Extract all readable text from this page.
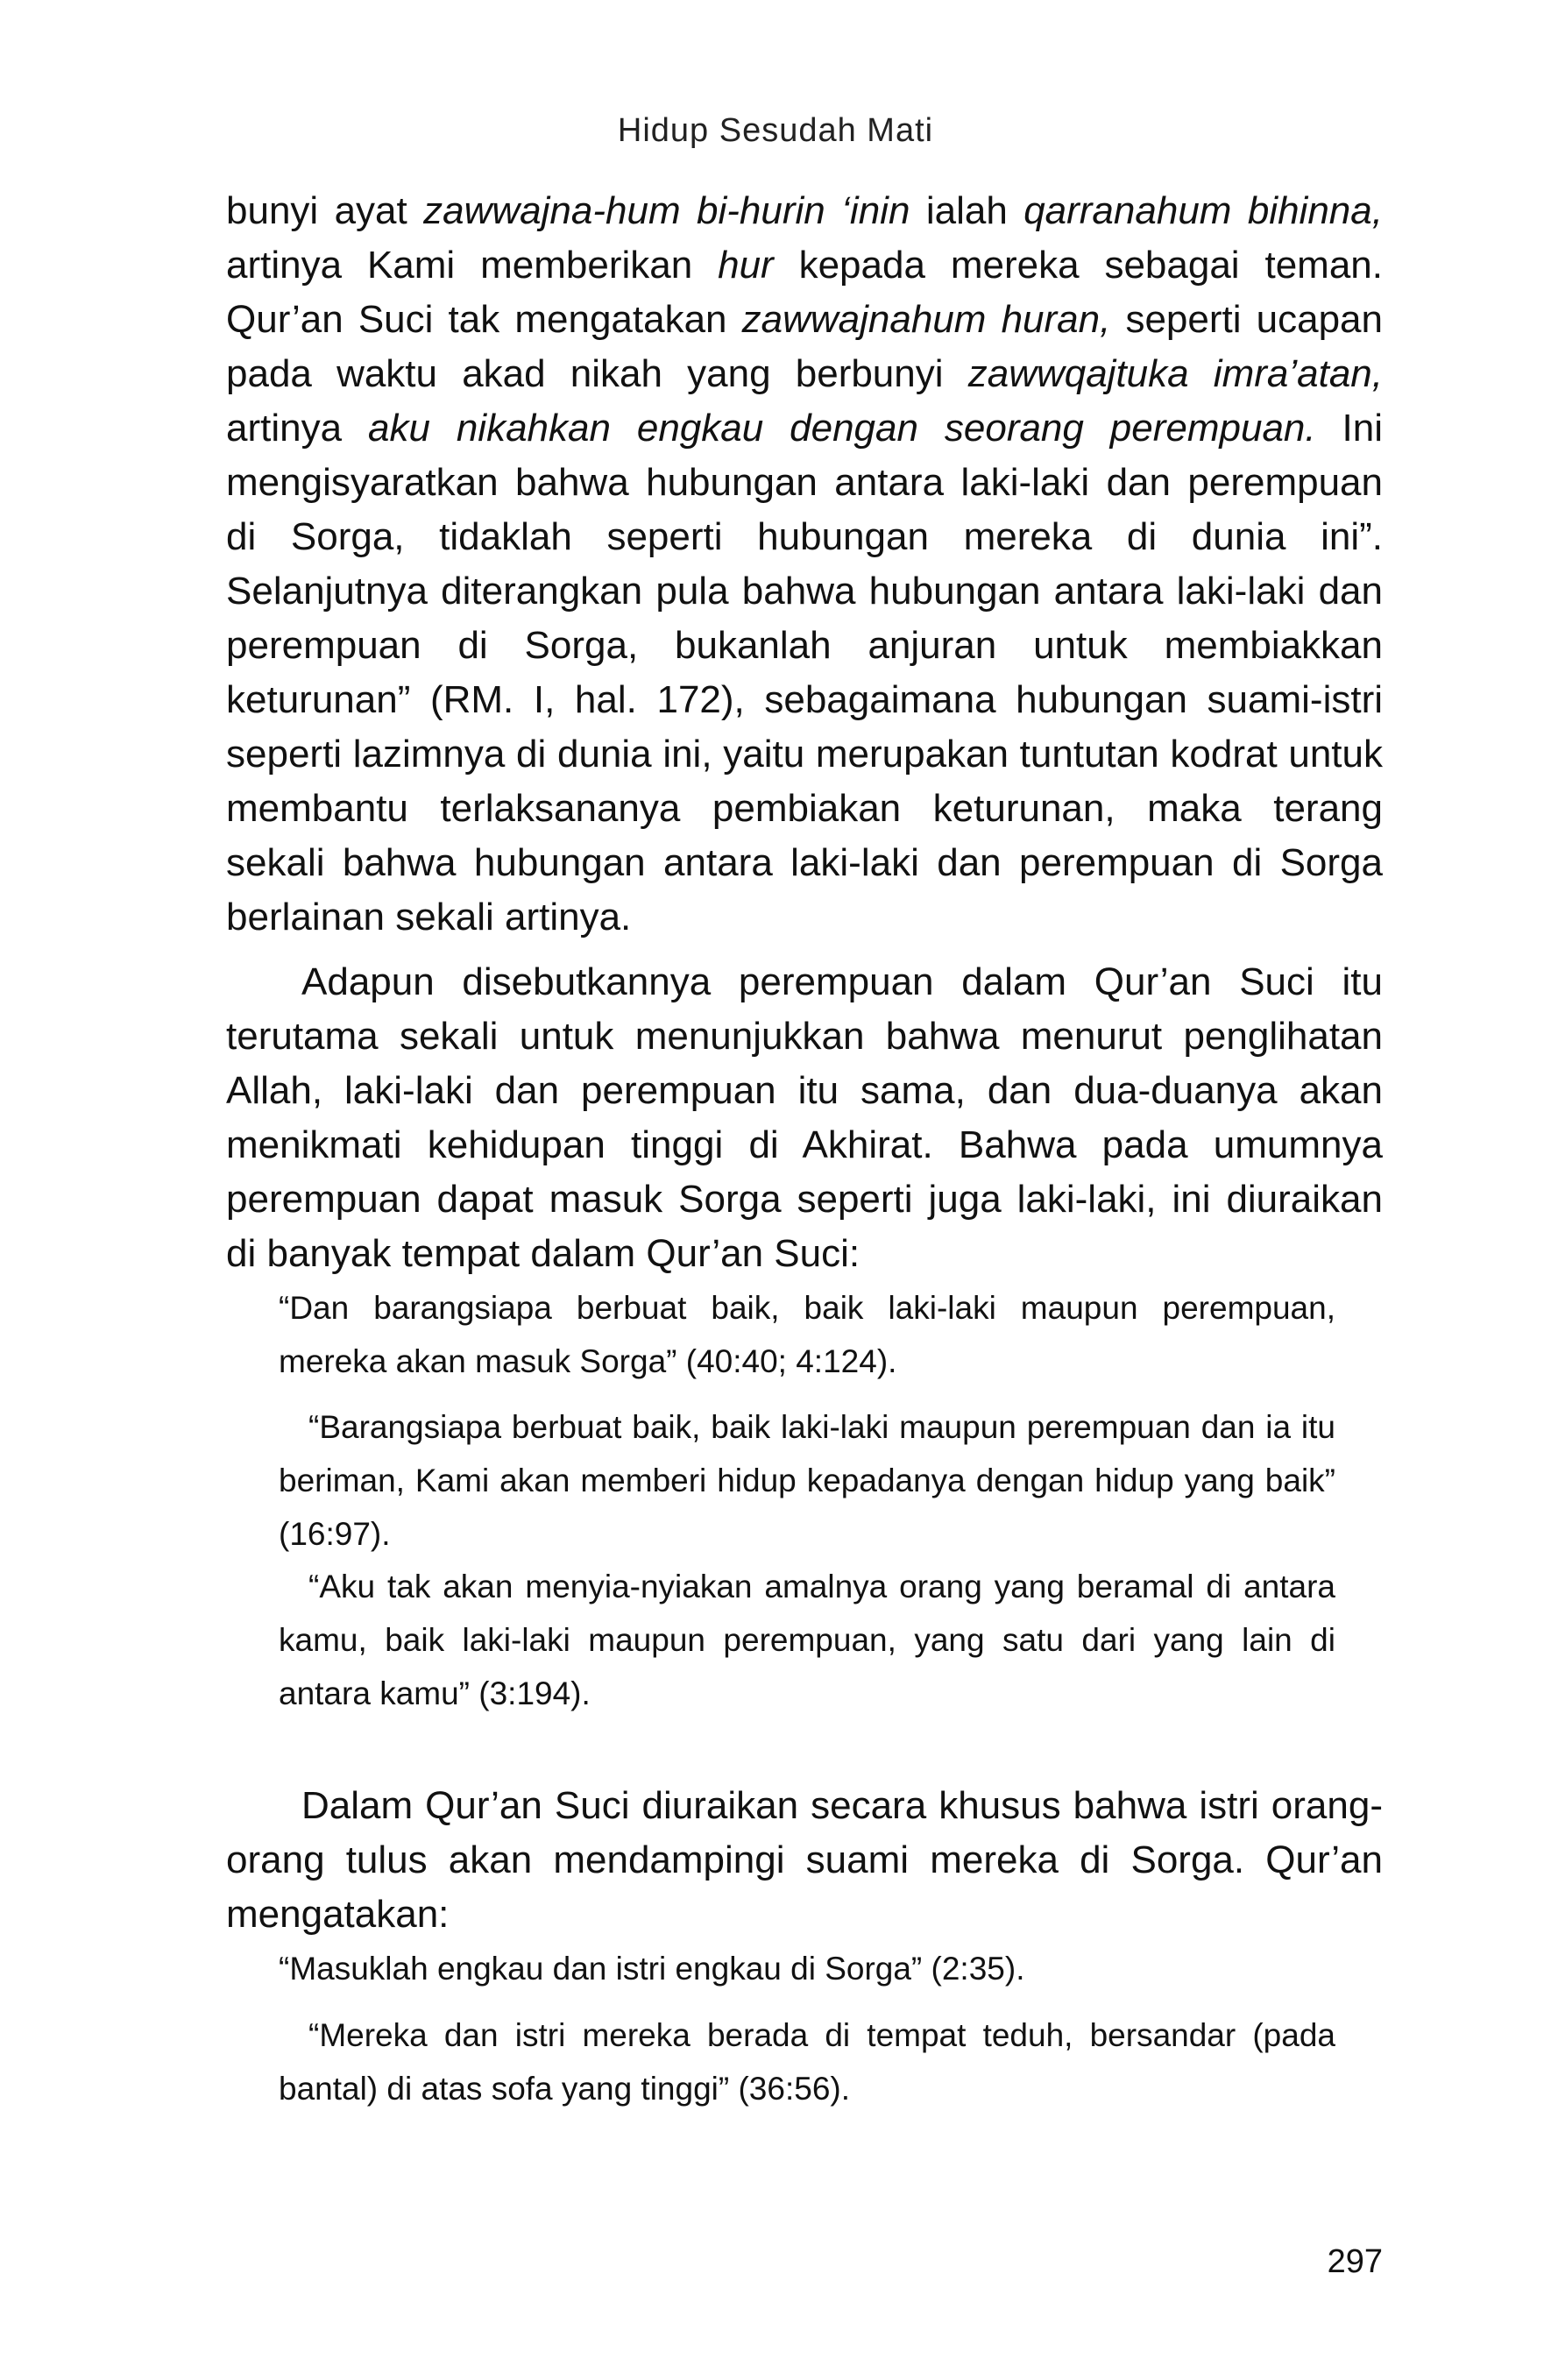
Hidup Sesudah Mati

bunyi ayat zawwajna-hum bi-hurin ‘inin ialah qarranahum bihinna, artinya Kami memberikan hur kepada mereka sebagai teman. Qur’an Suci tak mengatakan zawwajnahum huran, seperti ucapan pada waktu akad nikah yang berbunyi zawwqajtuka imra’atan, artinya aku nikahkan engkau dengan seorang perempuan. Ini mengisyaratkan bahwa hubungan antara laki-laki dan perempuan di Sorga, tidaklah seperti hubungan mereka di dunia ini”. Selanjutnya diterangkan pula bahwa hubungan antara laki-laki dan perempuan di Sorga, bukanlah anjuran untuk membiakkan keturunan” (RM. I, hal. 172), sebagaimana hubungan suami-istri seperti lazimnya di dunia ini, yaitu merupakan tuntutan kodrat untuk membantu terlaksananya pembiakan keturunan, maka terang sekali bahwa hubungan antara laki-laki dan perempuan di Sorga berlainan sekali artinya.

Adapun disebutkannya perempuan dalam Qur’an Suci itu terutama sekali untuk menunjukkan bahwa menurut penglihatan Allah, laki-laki dan perempuan itu sama, dan dua-duanya akan menikmati kehidupan tinggi di Akhirat. Bahwa pada umumnya perempuan dapat masuk Sorga seperti juga laki-laki, ini diuraikan di banyak tempat dalam Qur’an Suci:

“Dan barangsiapa berbuat baik, baik laki-laki maupun perempuan, mereka akan masuk Sorga” (40:40; 4:124).

“Barangsiapa berbuat baik, baik laki-laki maupun perempuan dan ia itu beriman, Kami akan memberi hidup kepadanya dengan hidup yang baik” (16:97).

“Aku tak akan menyia-nyiakan amalnya orang yang beramal di antara kamu, baik laki-laki maupun perempuan, yang satu dari yang lain di antara kamu” (3:194).

Dalam Qur’an Suci diuraikan secara khusus bahwa istri orang-orang tulus akan mendampingi suami mereka di Sorga. Qur’an mengatakan:

“Masuklah engkau dan istri engkau di Sorga” (2:35).

“Mereka dan istri mereka berada di tempat teduh, bersandar (pada bantal) di atas sofa yang tinggi” (36:56).

297
